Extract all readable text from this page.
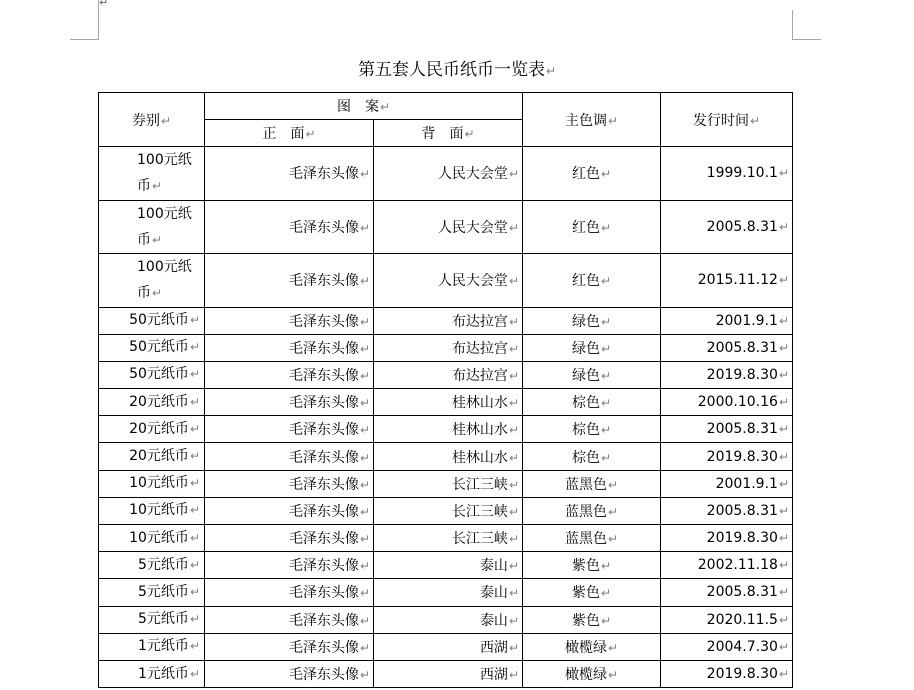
↵
第五套人民币纸币一览表↵
券别↵	图　案↵		主色调↵	发行时间↵
	正　面↵	背　面↵		
100元纸币↵	毛泽东头像↵	人民大会堂↵	红色↵	1999.10.1↵
100元纸币↵	毛泽东头像↵	人民大会堂↵	红色↵	2005.8.31↵
100元纸币↵	毛泽东头像↵	人民大会堂↵	红色↵	2015.11.12↵
50元纸币↵	毛泽东头像↵	布达拉宫↵	绿色↵	2001.9.1↵
50元纸币↵	毛泽东头像↵	布达拉宫↵	绿色↵	2005.8.31↵
50元纸币↵	毛泽东头像↵	布达拉宫↵	绿色↵	2019.8.30↵
20元纸币↵	毛泽东头像↵	桂林山水↵	棕色↵	2000.10.16↵
20元纸币↵	毛泽东头像↵	桂林山水↵	棕色↵	2005.8.31↵
20元纸币↵	毛泽东头像↵	桂林山水↵	棕色↵	2019.8.30↵
10元纸币↵	毛泽东头像↵	长江三峡↵	蓝黑色↵	2001.9.1↵
10元纸币↵	毛泽东头像↵	长江三峡↵	蓝黑色↵	2005.8.31↵
10元纸币↵	毛泽东头像↵	长江三峡↵	蓝黑色↵	2019.8.30↵
5元纸币↵	毛泽东头像↵	泰山↵	紫色↵	2002.11.18↵
5元纸币↵	毛泽东头像↵	泰山↵	紫色↵	2005.8.31↵
5元纸币↵	毛泽东头像↵	泰山↵	紫色↵	2020.11.5↵
1元纸币↵	毛泽东头像↵	西湖↵	橄榄绿↵	2004.7.30↵
1元纸币↵	毛泽东头像↵	西湖↵	橄榄绿↵	2019.8.30↵
